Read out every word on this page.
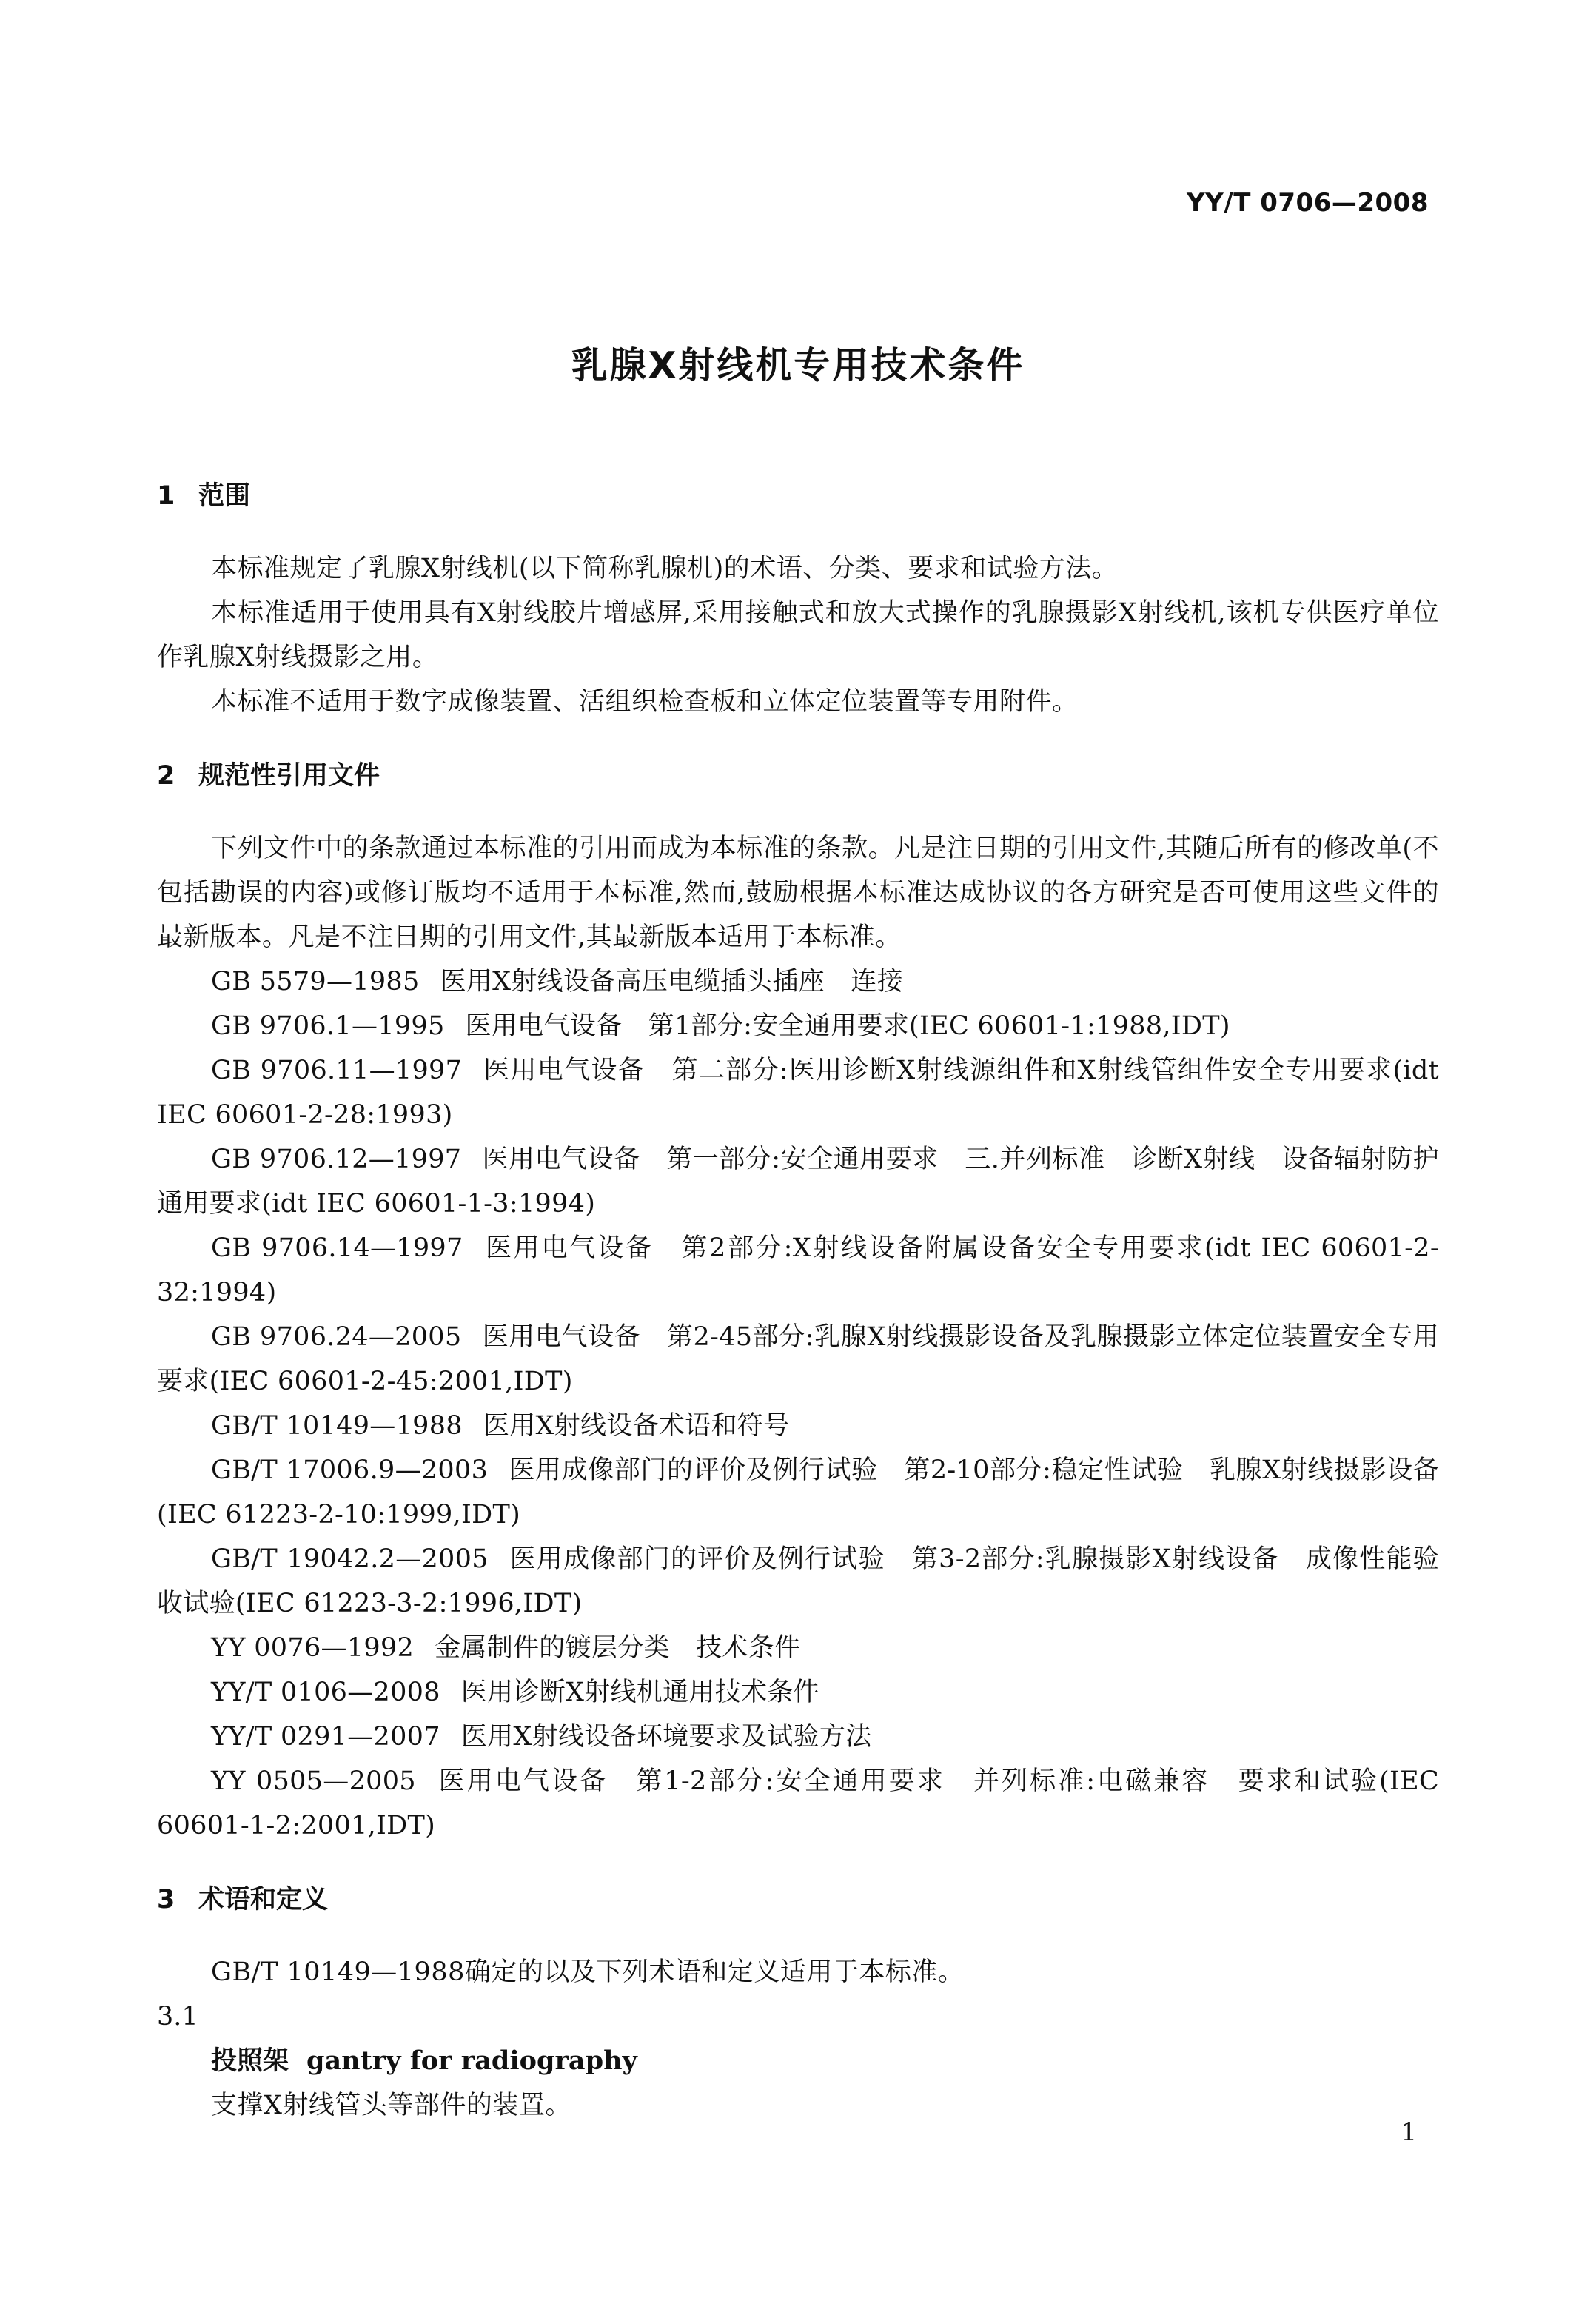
YY/T 0706—2008
乳腺X射线机专用技术条件
1 范围

本标准规定了乳腺X射线机(以下简称乳腺机)的术语、分类、要求和试验方法。

本标准适用于使用具有X射线胶片增感屏,采用接触式和放大式操作的乳腺摄影X射线机,该机专供医疗单位作乳腺X射线摄影之用。

本标准不适用于数字成像装置、活组织检查板和立体定位装置等专用附件。

2 规范性引用文件

下列文件中的条款通过本标准的引用而成为本标准的条款。凡是注日期的引用文件,其随后所有的修改单(不包括勘误的内容)或修订版均不适用于本标准,然而,鼓励根据本标准达成协议的各方研究是否可使用这些文件的最新版本。凡是不注日期的引用文件,其最新版本适用于本标准。

GB 5579—1985 医用X射线设备高压电缆插头插座　连接

GB 9706.1—1995 医用电气设备　第1部分:安全通用要求(IEC 60601-1:1988,IDT)

GB 9706.11—1997 医用电气设备　第二部分:医用诊断X射线源组件和X射线管组件安全专用要求(idt IEC 60601-2-28:1993)

GB 9706.12—1997 医用电气设备　第一部分:安全通用要求　三.并列标准　诊断X射线　设备辐射防护通用要求(idt IEC 60601-1-3:1994)

GB 9706.14—1997 医用电气设备　第2部分:X射线设备附属设备安全专用要求(idt IEC 60601-2-32:1994)

GB 9706.24—2005 医用电气设备　第2-45部分:乳腺X射线摄影设备及乳腺摄影立体定位装置安全专用要求(IEC 60601-2-45:2001,IDT)

GB/T 10149—1988 医用X射线设备术语和符号

GB/T 17006.9—2003 医用成像部门的评价及例行试验　第2-10部分:稳定性试验　乳腺X射线摄影设备(IEC 61223-2-10:1999,IDT)

GB/T 19042.2—2005 医用成像部门的评价及例行试验　第3-2部分:乳腺摄影X射线设备　成像性能验收试验(IEC 61223-3-2:1996,IDT)

YY 0076—1992 金属制件的镀层分类　技术条件

YY/T 0106—2008 医用诊断X射线机通用技术条件

YY/T 0291—2007 医用X射线设备环境要求及试验方法

YY 0505—2005 医用电气设备　第1-2部分:安全通用要求　并列标准:电磁兼容　要求和试验(IEC 60601-1-2:2001,IDT)

3 术语和定义

GB/T 10149—1988确定的以及下列术语和定义适用于本标准。

3.1

投照架 gantry for radiography

支撑X射线管头等部件的装置。

1
